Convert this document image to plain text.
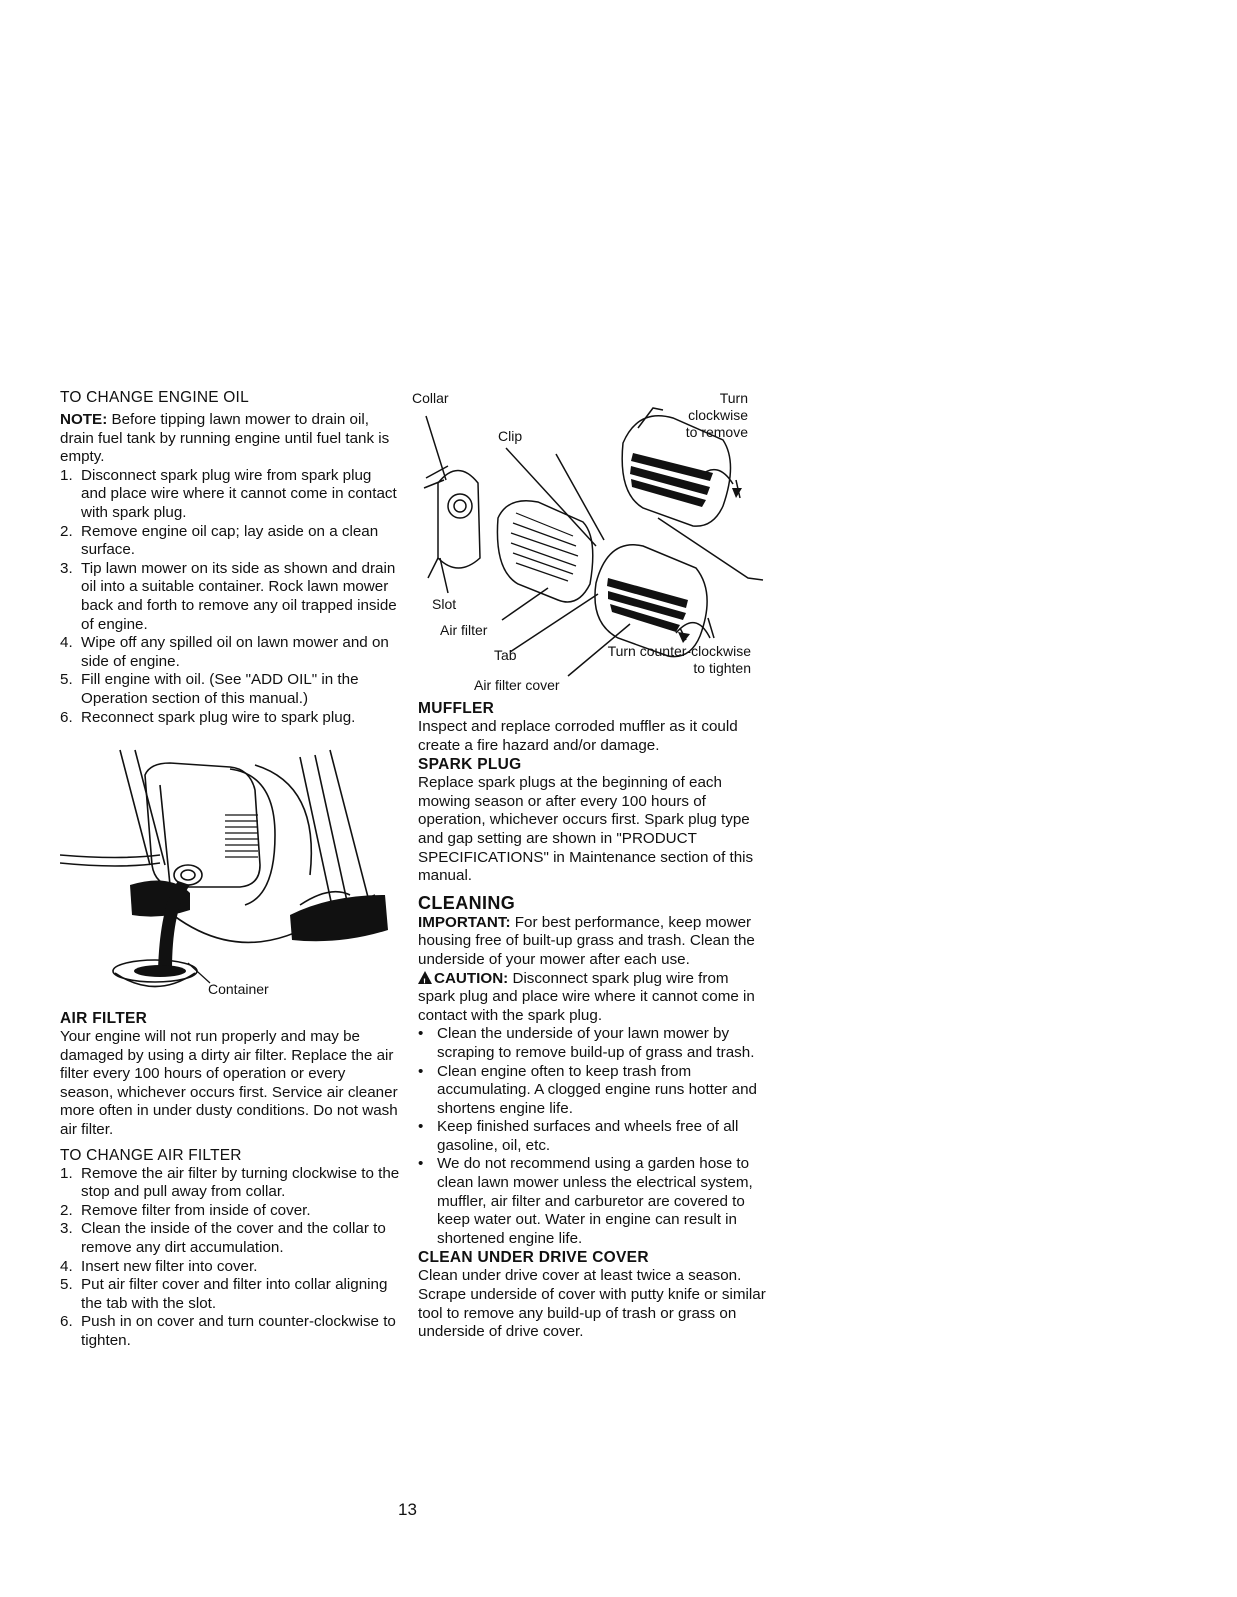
TO CHANGE ENGINE OIL

NOTE: Before tipping lawn mower to drain oil, drain fuel tank by running engine until fuel tank is empty.

1. Disconnect spark plug wire from spark plug and place wire where it cannot come in contact with spark plug.
2. Remove engine oil cap; lay aside on a clean surface.
3. Tip lawn mower on its side as shown and drain oil into a suitable container. Rock lawn mower back and forth to remove any oil trapped inside of engine.
4. Wipe off any spilled oil on lawn mower and on side of engine.
5. Fill engine with oil. (See "ADD OIL" in the Operation section of this manual.)
6. Reconnect spark plug wire to spark plug.
Container
AIR FILTER

Your engine will not run properly and may be damaged by using a dirty air filter. Replace the air filter every 100 hours of operation or every season, whichever occurs first. Service air cleaner more often in under dusty conditions. Do not wash air filter.

TO CHANGE AIR FILTER
1. Remove the air filter by turning clockwise to the stop and pull away from collar.
2. Remove filter from inside of cover.
3. Clean the inside of the cover and the collar to remove any dirt accumulation.
4. Insert new filter into cover.
5. Put air filter cover and filter into collar aligning the tab with the slot.
6. Push in on cover and turn counter-clockwise to tighten.
Collar
Clip
Turn clockwise to remove
Slot
Air filter
Tab	Turn counter-clockwise to tighten
Air filter cover
MUFFLER

Inspect and replace corroded muffler as it could create a fire hazard and/or damage.

SPARK PLUG

Replace spark plugs at the beginning of each mowing season or after every 100 hours of operation, whichever occurs first. Spark plug type and gap setting are shown in "PRODUCT SPECIFICATIONS" in Maintenance section of this manual.

CLEANING

IMPORTANT: For best performance, keep mower housing free of built-up grass and trash. Clean the underside of your mower after each use.

!CAUTION: Disconnect spark plug wire from spark plug and place wire where it cannot come in contact with the spark plug.

• Clean the underside of your lawn mower by scraping to remove build-up of grass and trash.
• Clean engine often to keep trash from accumulating. A clogged engine runs hotter and shortens engine life.
• Keep finished surfaces and wheels free of all gasoline, oil, etc.
• We do not recommend using a garden hose to clean lawn mower unless the electrical system, muffler, air filter and carburetor are covered to keep water out. Water in engine can result in shortened engine life.
CLEAN UNDER DRIVE COVER

Clean under drive cover at least twice a season. Scrape underside of cover with putty knife or similar tool to remove any build-up of trash or grass on underside of drive cover.

13
